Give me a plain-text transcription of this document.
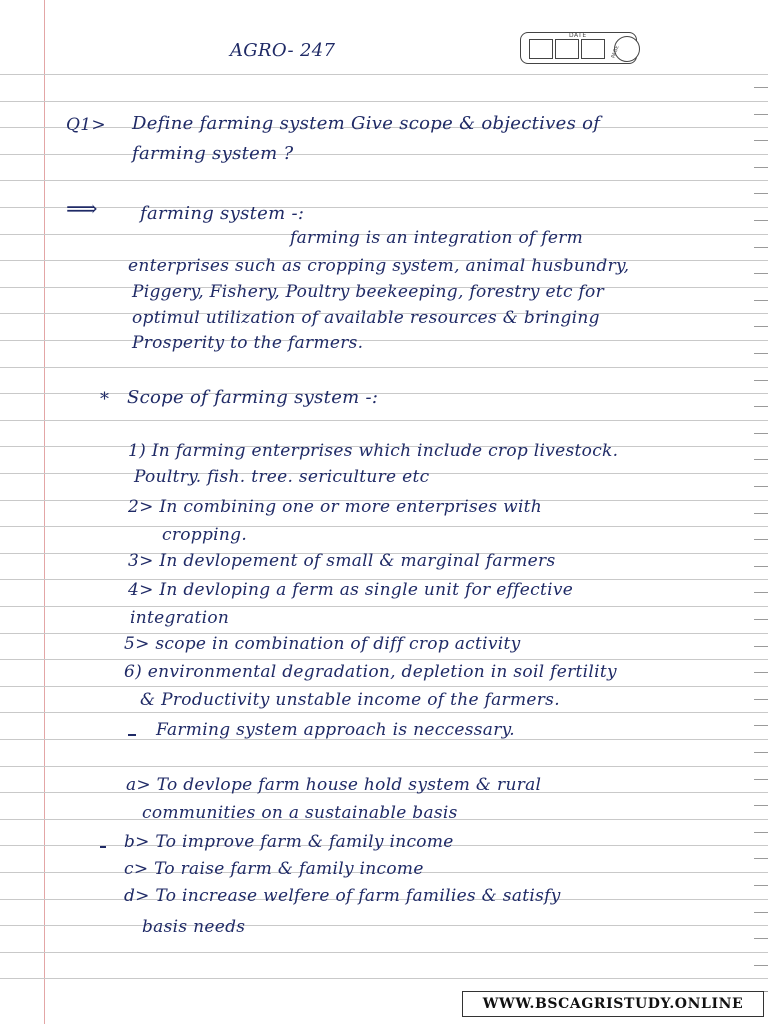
AGRO- 247
DATE
PAGE
Q1> Define farming system Give scope & objectives of
farming system ?
⟹ farming system -:
farming is an integration of ferm
enterprises such as cropping system, animal husbundry,
Piggery, Fishery, Poultry beekeeping, forestry etc for
optimul utilization of available resources & bringing
Prosperity to the farmers.
* Scope of farming system -:
1) In farming enterprises which include crop livestock.
Poultry. fish. tree. sericulture etc
2> In combining one or more enterprises with
cropping.
3> In devlopement of small & marginal farmers
4> In devloping a ferm as single unit for effective
integration
5> scope in combination of diff crop activity
6) environmental degradation, depletion in soil fertility
& Productivity unstable income of the farmers.
Farming system approach is neccessary.
a> To devlope farm house hold system & rural
communities on a sustainable basis
b> To improve farm & family income
c> To raise farm & family income
d> To increase welfere of farm families & satisfy
basis needs
WWW.BSCAGRISTUDY.ONLINE
